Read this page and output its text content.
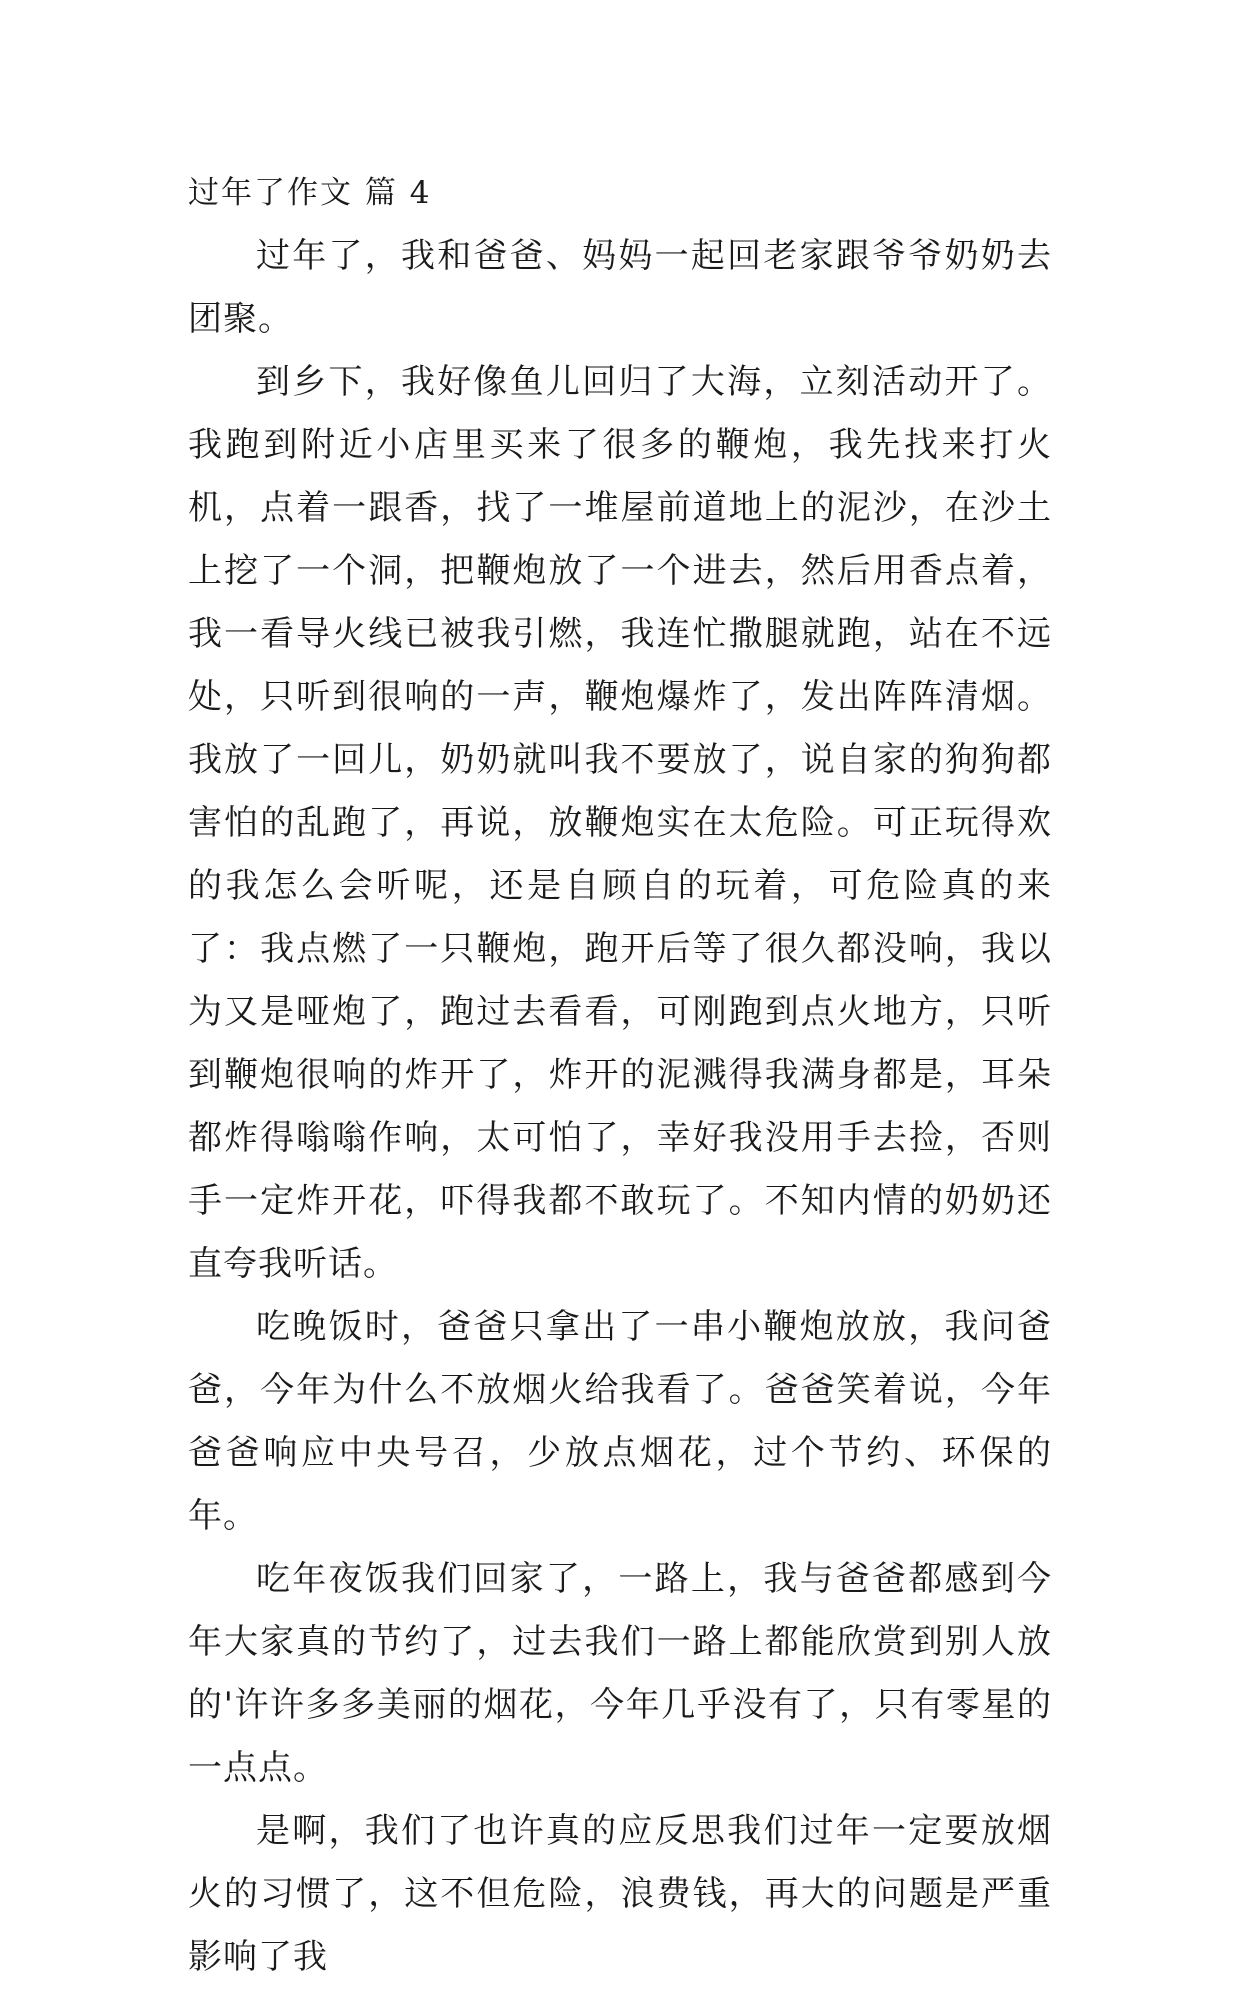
过年了作文 篇 4

过年了，我和爸爸、妈妈一起回老家跟爷爷奶奶去团聚。

到乡下，我好像鱼儿回归了大海，立刻活动开了。我跑到附近小店里买来了很多的鞭炮，我先找来打火机，点着一跟香，找了一堆屋前道地上的泥沙，在沙土上挖了一个洞，把鞭炮放了一个进去，然后用香点着，我一看导火线已被我引燃，我连忙撒腿就跑，站在不远处，只听到很响的一声，鞭炮爆炸了，发出阵阵清烟。我放了一回儿，奶奶就叫我不要放了，说自家的狗狗都害怕的乱跑了，再说，放鞭炮实在太危险。可正玩得欢的我怎么会听呢，还是自顾自的玩着，可危险真的来了：我点燃了一只鞭炮，跑开后等了很久都没响，我以为又是哑炮了，跑过去看看，可刚跑到点火地方，只听到鞭炮很响的炸开了，炸开的泥溅得我满身都是，耳朵都炸得嗡嗡作响，太可怕了，幸好我没用手去捡，否则手一定炸开花，吓得我都不敢玩了。不知内情的奶奶还直夸我听话。

吃晚饭时，爸爸只拿出了一串小鞭炮放放，我问爸爸，今年为什么不放烟火给我看了。爸爸笑着说，今年爸爸响应中央号召，少放点烟花，过个节约、环保的年。

吃年夜饭我们回家了，一路上，我与爸爸都感到今年大家真的节约了，过去我们一路上都能欣赏到别人放的'许许多多美丽的烟花，今年几乎没有了，只有零星的一点点。

是啊，我们了也许真的应反思我们过年一定要放烟火的习惯了，这不但危险，浪费钱，再大的问题是严重影响了我
